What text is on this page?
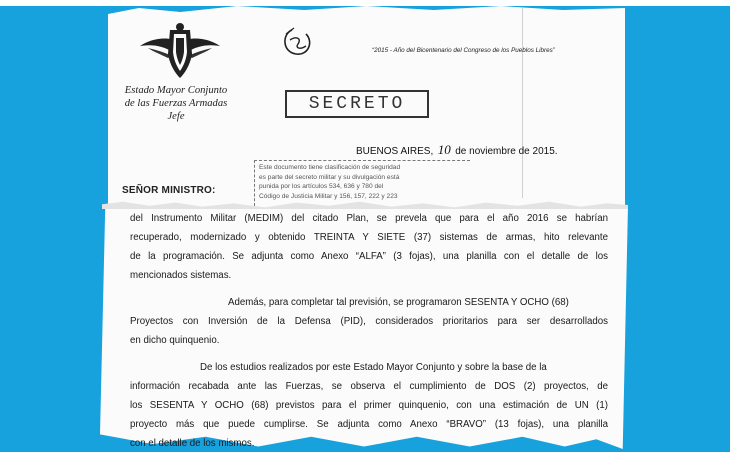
“2015 - Año del Bicentenario del Congreso de los Pueblos Libres”
Estado Mayor Conjunto
de las Fuerzas Armadas
Jefe
SECRETO
BUENOS AIRES, 10 de noviembre de 2015.
Este documento tiene clasificación de seguridad
es parte del secreto militar y su divulgación está
punida por los artículos 534, 636 y 780 del
Código de Justicia Militar y 156, 157, 222 y 223
SEÑOR MINISTRO:
del Instrumento Militar (MEDIM) del citado Plan, se prevela que para el año 2016 se habrían
recuperado, modernizado y obtenido TREINTA Y SIETE (37) sistemas de armas, hito relevante
de la programación. Se adjunta como Anexo “ALFA” (3 fojas), una planilla con el detalle de los
mencionados sistemas.
Además, para completar tal previsión, se programaron SESENTA Y OCHO (68)
Proyectos con Inversión de la Defensa (PID), considerados prioritarios para ser desarrollados
en dicho quinquenio.
De los estudios realizados por este Estado Mayor Conjunto y sobre la base de la
información recabada ante las Fuerzas, se observa el cumplimiento de DOS (2) proyectos, de
los SESENTA Y OCHO (68) previstos para el primer quinquenio, con una estimación de UN (1)
proyecto más que puede cumplirse. Se adjunta como Anexo “BRAVO” (13 fojas), una planilla
con el detalle de los mismos.
